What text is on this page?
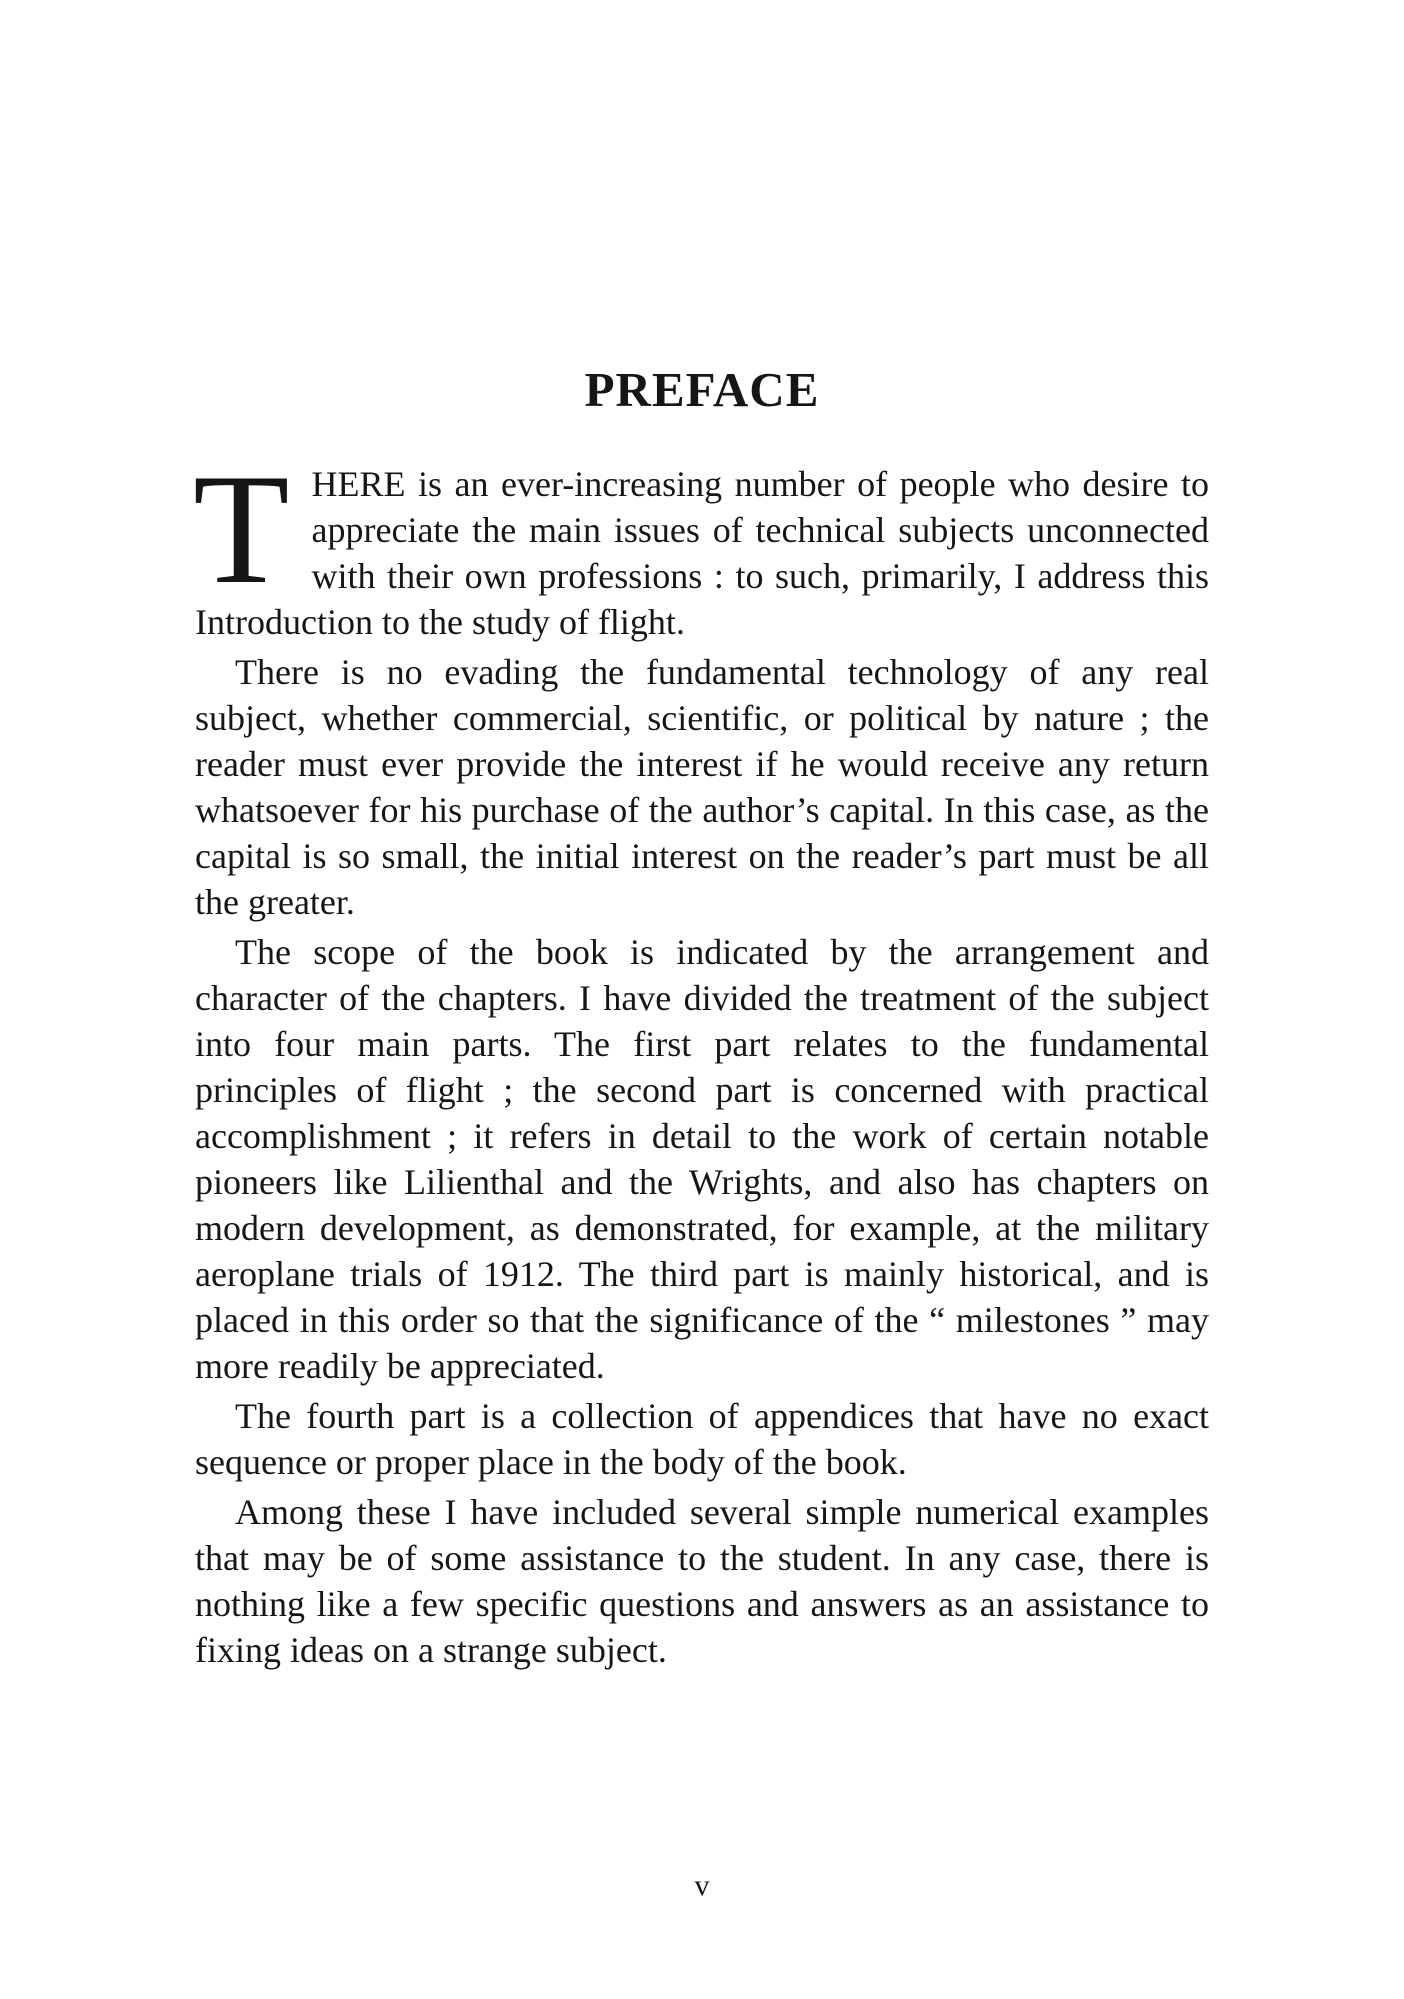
PREFACE

THERE is an ever-increasing number of people who desire to appreciate the main issues of technical subjects unconnected with their own professions : to such, primarily, I address this Introduction to the study of flight.

There is no evading the fundamental technology of any real subject, whether commercial, scientific, or political by nature ; the reader must ever provide the interest if he would receive any return whatsoever for his purchase of the author’s capital. In this case, as the capital is so small, the initial interest on the reader’s part must be all the greater.

The scope of the book is indicated by the arrangement and character of the chapters. I have divided the treatment of the subject into four main parts. The first part relates to the fundamental principles of flight ; the second part is concerned with practical accomplishment ; it refers in detail to the work of certain notable pioneers like Lilienthal and the Wrights, and also has chapters on modern development, as demonstrated, for example, at the military aeroplane trials of 1912. The third part is mainly historical, and is placed in this order so that the significance of the “ milestones ” may more readily be appreciated.

The fourth part is a collection of appendices that have no exact sequence or proper place in the body of the book.

Among these I have included several simple numerical examples that may be of some assistance to the student. In any case, there is nothing like a few specific questions and answers as an assistance to fixing ideas on a strange subject.

v
